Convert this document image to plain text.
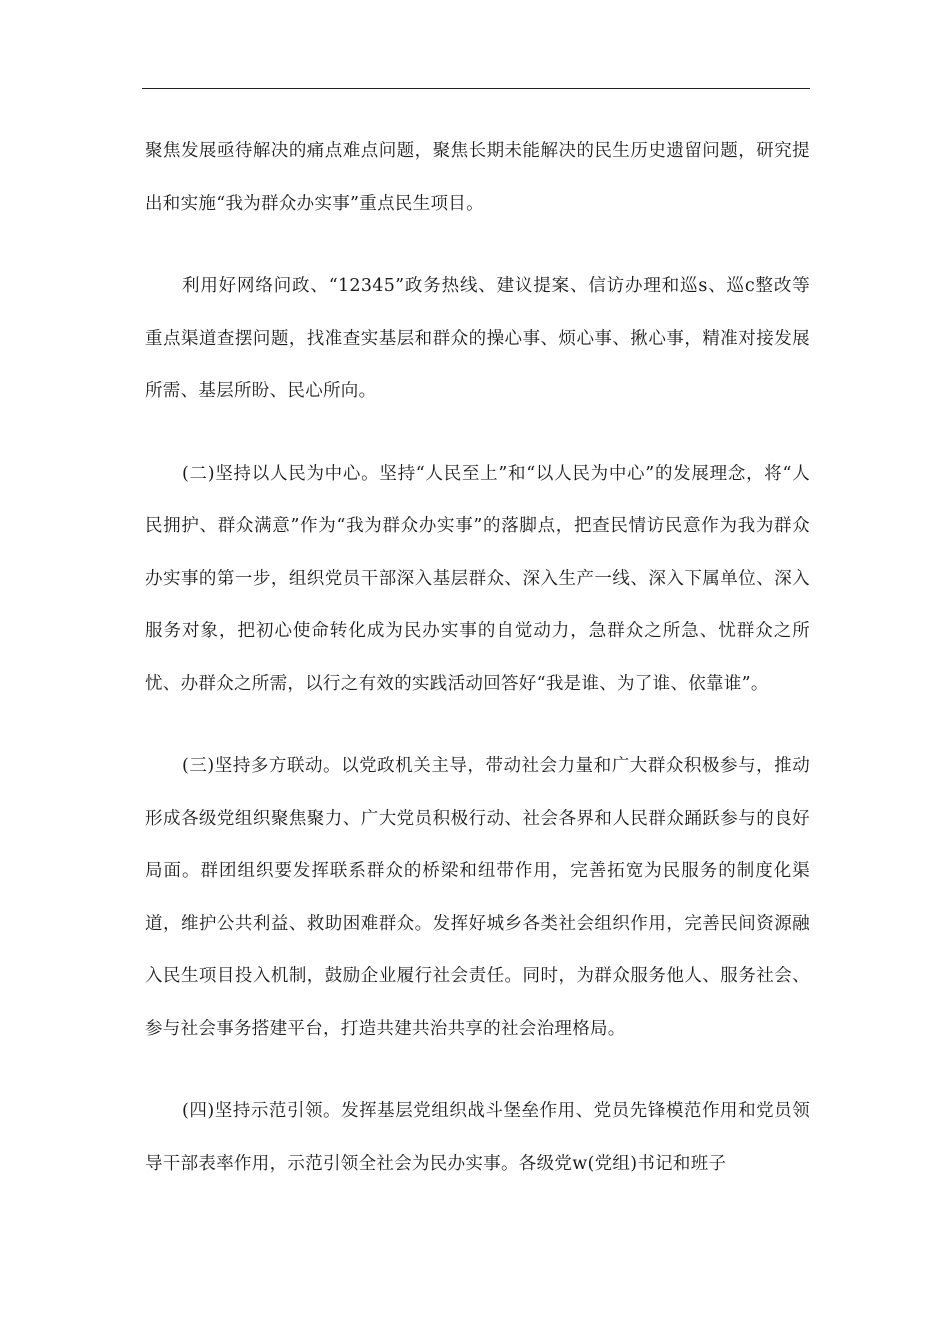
聚焦发展亟待解决的痛点难点问题，聚焦长期未能解决的民生历史遗留问题，研究提出和实施“我为群众办实事”重点民生项目。

利用好网络问政、“12345”政务热线、建议提案、信访办理和巡s、巡c整改等重点渠道查摆问题，找准查实基层和群众的操心事、烦心事、揪心事，精准对接发展所需、基层所盼、民心所向。

(二)坚持以人民为中心。坚持“人民至上”和“以人民为中心”的发展理念，将“人民拥护、群众满意”作为“我为群众办实事”的落脚点，把查民情访民意作为我为群众办实事的第一步，组织党员干部深入基层群众、深入生产一线、深入下属单位、深入服务对象，把初心使命转化成为民办实事的自觉动力，急群众之所急、忧群众之所忧、办群众之所需，以行之有效的实践活动回答好“我是谁、为了谁、依靠谁”。

(三)坚持多方联动。以党政机关主导，带动社会力量和广大群众积极参与，推动形成各级党组织聚焦聚力、广大党员积极行动、社会各界和人民群众踊跃参与的良好局面。群团组织要发挥联系群众的桥梁和纽带作用，完善拓宽为民服务的制度化渠道，维护公共利益、救助困难群众。发挥好城乡各类社会组织作用，完善民间资源融入民生项目投入机制，鼓励企业履行社会责任。同时，为群众服务他人、服务社会、参与社会事务搭建平台，打造共建共治共享的社会治理格局。

(四)坚持示范引领。发挥基层党组织战斗堡垒作用、党员先锋模范作用和党员领导干部表率作用，示范引领全社会为民办实事。各级党w(党组)书记和班子
